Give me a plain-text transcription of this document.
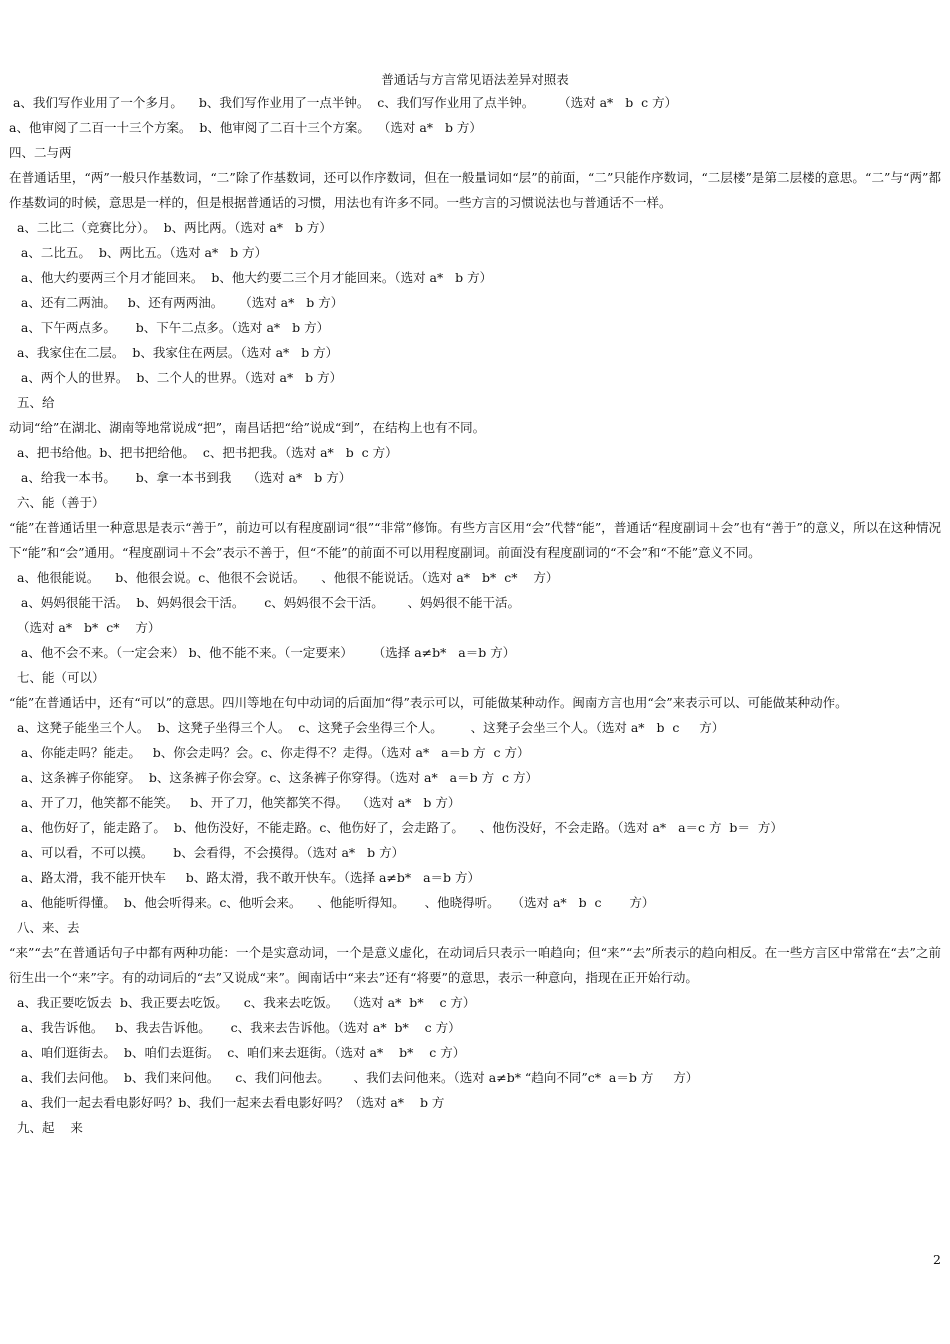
普通话与方言常见语法差异对照表
a、我们写作业用了一个多月。    b、我们写作业用了一点半钟。  c、我们写作业用了点半钟。      （选对 a*   b  c 方）
a、他审阅了二百一十三个方案。  b、他审阅了二百十三个方案。  （选对 a*   b 方）
四、二与两
在普通话里，“两”一般只作基数词，“二”除了作基数词，还可以作序数词，但在一般量词如“层”的前面，“二”只能作序数词，“二层楼”是第二层楼的意思。“二”与“两”都作基数词的时候，意思是一样的，但是根据普通话的习惯，用法也有许多不同。一些方言的习惯说法也与普通话不一样。
a、二比二（竞赛比分）。  b、两比两。（选对 a*   b 方）
a、二比五。  b、两比五。（选对 a*   b 方）
a、他大约要两三个月才能回来。  b、他大约要二三个月才能回来。（选对 a*   b 方）
a、还有二两油。   b、还有两两油。    （选对 a*   b 方）
a、下午两点多。     b、下午二点多。（选对 a*   b 方）
a、我家住在二层。  b、我家住在两层。（选对 a*   b 方）
a、两个人的世界。  b、二个人的世界。（选对 a*   b 方）
五、给
动词“给”在湖北、湖南等地常说成“把”，南昌话把“给”说成“到”，在结构上也有不同。
a、把书给他。b、把书把给他。  c、把书把我。（选对 a*   b  c 方）
a、给我一本书。     b、拿一本书到我    （选对 a*   b 方）
六、能（善于）
“能”在普通话里一种意思是表示“善于”，前边可以有程度副词“很”“非常”修饰。有些方言区用“会”代替“能”，普通话“程度副词＋会”也有“善于”的意义，所以在这种情况下“能”和“会”通用。“程度副词＋不会”表示不善于，但“不能”的前面不可以用程度副词。前面没有程度副词的“不会”和“不能”意义不同。
a、他很能说。    b、他很会说。c、他很不会说话。    、他很不能说话。（选对 a*   b*  c*    方）
a、妈妈很能干活。  b、妈妈很会干活。     c、妈妈很不会干活。      、妈妈很不能干活。
（选对 a*   b*  c*    方）
a、他不会不来。（一定会来） b、他不能不来。（一定要来）     （选择 a≠b*   a＝b 方）
七、能（可以）
“能”在普通话中，还有“可以”的意思。四川等地在句中动词的后面加“得”表示可以，可能做某种动作。闽南方言也用“会”来表示可以、可能做某种动作。
a、这凳子能坐三个人。  b、这凳子坐得三个人。  c、这凳子会坐得三个人。       、这凳子会坐三个人。（选对 a*   b  c     方）
a、你能走吗？能走。   b、你会走吗？会。c、你走得不？走得。（选对 a*   a＝b 方  c 方）
a、这条裤子你能穿。  b、这条裤子你会穿。c、这条裤子你穿得。（选对 a*   a＝b 方  c 方）
a、开了刀，他笑都不能笑。   b、开了刀，他笑都笑不得。  （选对 a*   b 方）
a、他伤好了，能走路了。  b、他伤没好，不能走路。c、他伤好了，会走路了。    、他伤没好，不会走路。（选对 a*   a＝c 方  b＝  方）
a、可以看，不可以摸。     b、会看得，不会摸得。（选对 a*   b 方）
a、路太滑，我不能开快车     b、路太滑，我不敢开快车。（选择 a≠b*   a＝b 方）
a、他能听得懂。  b、他会听得来。c、他听会来。    、他能听得知。     、他晓得听。   （选对 a*   b  c       方）
八、来、去
“来”“去”在普通话句子中都有两种功能：一个是实意动词，一个是意义虚化，在动词后只表示一咱趋向；但“来”“去”所表示的趋向相反。在一些方言区中常常在“去”之前衍生出一个“来”字。有的动词后的“去”又说成“来”。闽南话中“来去”还有“将要”的意思，表示一种意向，指现在正开始行动。
a、我正要吃饭去  b、我正要去吃饭。    c、我来去吃饭。  （选对 a*  b*    c 方）
a、我告诉他。   b、我去告诉他。     c、我来去告诉他。（选对 a*  b*    c 方）
a、咱们逛街去。  b、咱们去逛街。  c、咱们来去逛街。（选对 a*    b*    c 方）
a、我们去问他。  b、我们来问他。    c、我们问他去。      、我们去问他来。（选对 a≠b* “趋向不同”c*  a＝b 方     方）
a、我们一起去看电影好吗？b、我们一起来去看电影好吗？（选对 a*    b 方
九、起    来
2
